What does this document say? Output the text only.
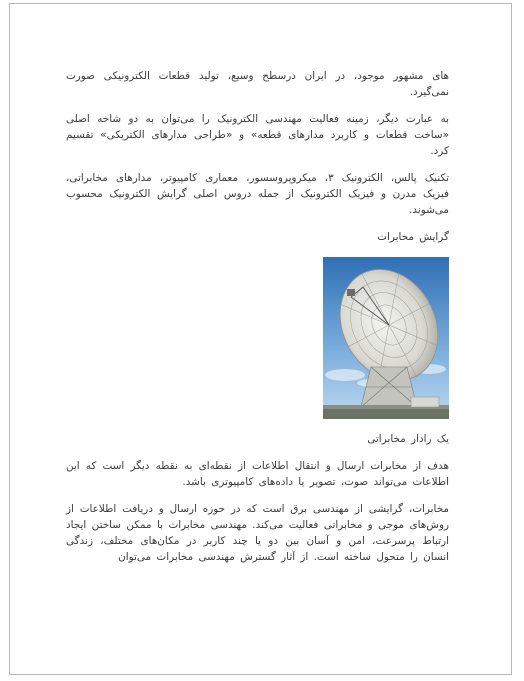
های مشهور موجود، در ایران درسطح وسیع، تولید قطعات الکترونیکی صورت نمی‌گیرد.

به عبارت دیگر، زمینه فعالیت مهندسی الکترونیک را می‌توان به دو شاخه اصلی «ساخت قطعات و کاربرد مدارهای قطعه» و «طراحی مدارهای الکتریکی» تقسیم کرد.

تکنیک پالس، الکترونیک ۳، میکروپروسسور، معماری کامپیوتر، مدارهای مخابراتی، فیزیک مدرن و فیزیک الکترونیک از جمله دروس اصلی گرایش الکترونیک محسوب می‌شوند.

گرایش مخابرات

یک رادار مخابراتی

هدف از مخابرات ارسال و انتقال اطلاعات از نقطه‌ای به نقطه دیگر است که این اطلاعات می‌تواند صوت، تصویر یا داده‌های کامپیوتری باشد.

مخابرات، گرایشی از مهندسی برق است که در حوزه ارسال و دریافت اطلاعات از روش‌های موجی و مخابراتی فعالیت می‌کند. مهندسی مخابرات با ممکن ساختن ایجاد ارتباط پرسرعت، امن و آسان بین دو یا چند کاربر در مکان‌های مختلف، زندگی انسان را متحول ساخته است. از آثار گسترش مهندسی مخابرات می‌توان
